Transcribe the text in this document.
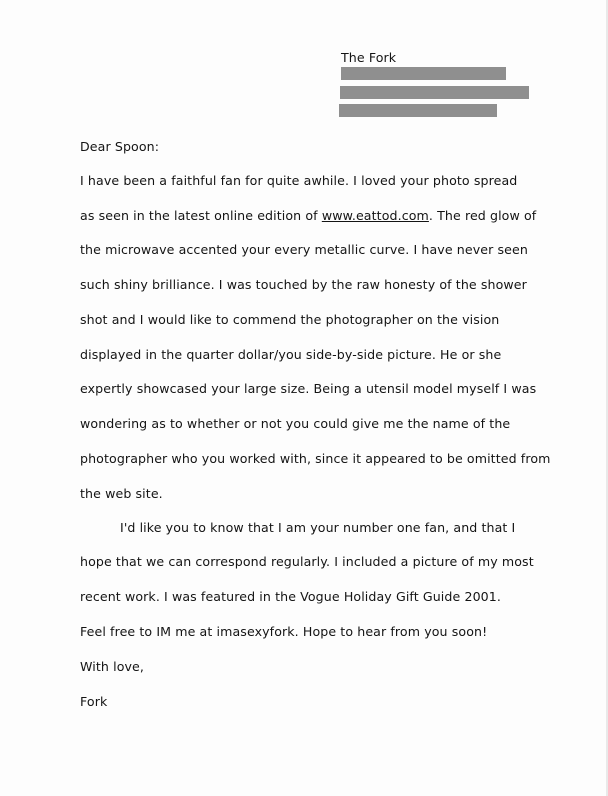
The Fork
Dear Spoon:
I have been a faithful fan for quite awhile. I loved your photo spread
as seen in the latest online edition of www.eattod.com. The red glow of
the microwave accented your every metallic curve. I have never seen
such shiny brilliance. I was touched by the raw honesty of the shower
shot and I would like to commend the photographer on the vision
displayed in the quarter dollar/you side-by-side picture. He or she
expertly showcased your large size. Being a utensil model myself I was
wondering as to whether or not you could give me the name of the
photographer who you worked with, since it appeared to be omitted from
the web site.
I'd like you to know that I am your number one fan, and that I
hope that we can correspond regularly. I included a picture of my most
recent work. I was featured in the Vogue Holiday Gift Guide 2001.
Feel free to IM me at imasexyfork. Hope to hear from you soon!
With love,
Fork
